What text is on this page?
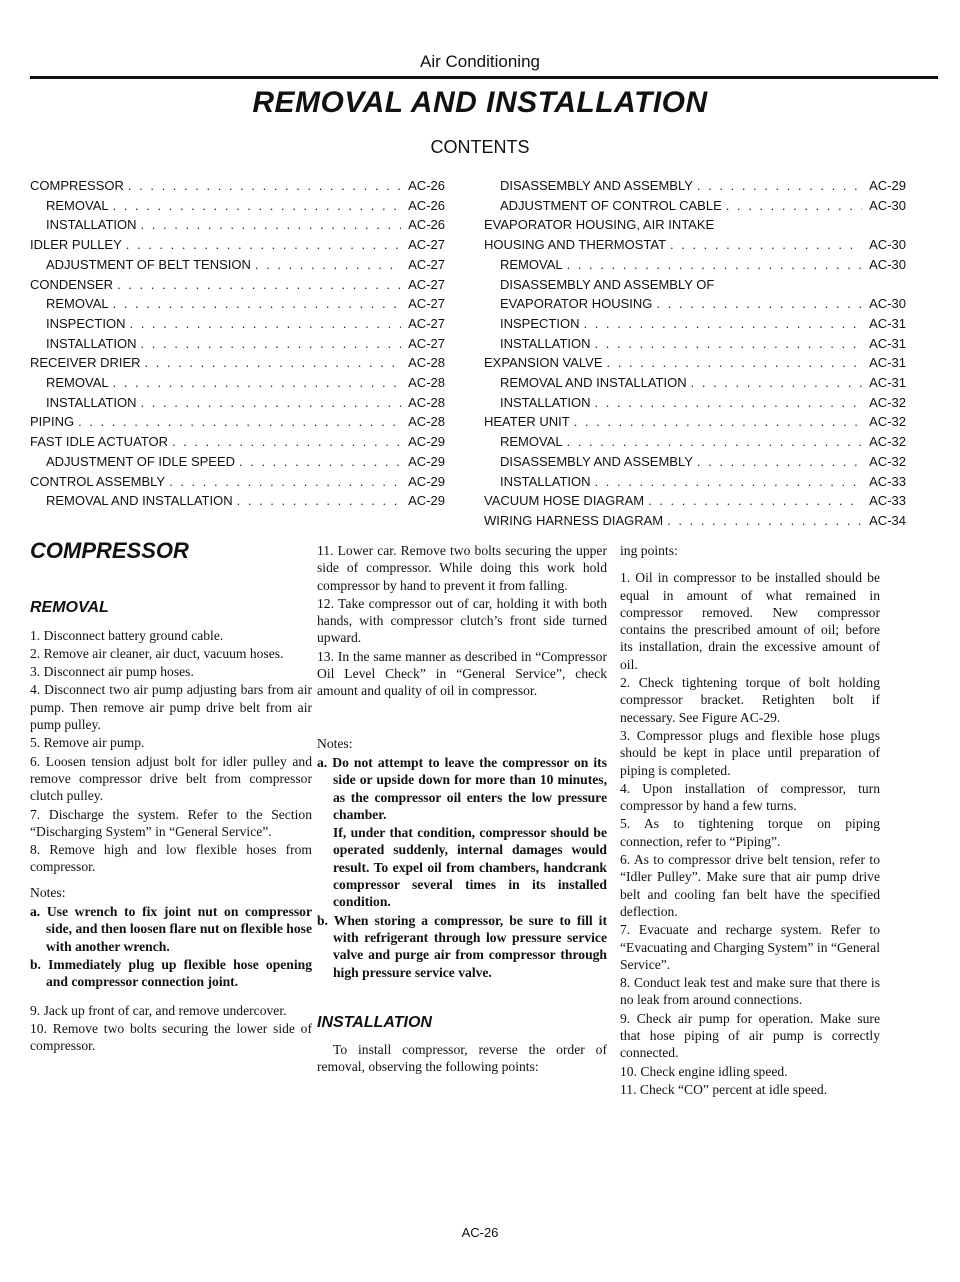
Air Conditioning
REMOVAL AND INSTALLATION
CONTENTS
COMPRESSOR . . .	AC-26
REMOVAL . . .	AC-26
INSTALLATION . . .	AC-26
IDLER PULLEY . . .	AC-27
ADJUSTMENT OF BELT TENSION . . .	AC-27
CONDENSER . . .	AC-27
REMOVAL . . .	AC-27
INSPECTION . . .	AC-27
INSTALLATION . . .	AC-27
RECEIVER DRIER . . .	AC-28
REMOVAL . . .	AC-28
INSTALLATION . . .	AC-28
PIPING . . .	AC-28
FAST IDLE ACTUATOR . . .	AC-29
ADJUSTMENT OF IDLE SPEED . . .	AC-29
CONTROL ASSEMBLY . . .	AC-29
REMOVAL AND INSTALLATION . . .	AC-29
DISASSEMBLY AND ASSEMBLY . . .	AC-29
ADJUSTMENT OF CONTROL CABLE . . .	AC-30
EVAPORATOR HOUSING, AIR INTAKE
HOUSING AND THERMOSTAT . . .	AC-30
REMOVAL . . .	AC-30
DISASSEMBLY AND ASSEMBLY OF
EVAPORATOR HOUSING . . .	AC-30
INSPECTION . . .	AC-31
INSTALLATION . . .	AC-31
EXPANSION VALVE . . .	AC-31
REMOVAL AND INSTALLATION . . .	AC-31
INSTALLATION . . .	AC-32
HEATER UNIT . . .	AC-32
REMOVAL . . .	AC-32
DISASSEMBLY AND ASSEMBLY . . .	AC-32
INSTALLATION . . .	AC-33
VACUUM HOSE DIAGRAM . . .	AC-33
WIRING HARNESS DIAGRAM . . .	AC-34
COMPRESSOR
REMOVAL

1. Disconnect battery ground cable.

2. Remove air cleaner, air duct, vacuum hoses.

3. Disconnect air pump hoses.

4. Disconnect two air pump adjusting bars from air pump. Then remove air pump drive belt from air pump pulley.

5. Remove air pump.

6. Loosen tension adjust bolt for idler pulley and remove compressor drive belt from compressor clutch pulley.

7. Discharge the system. Refer to the Section “Discharging System” in “General Service”.

8. Remove high and low flexible hoses from compressor.

Notes:

a. Use wrench to fix joint nut on compressor side, and then loosen flare nut on flexible hose with another wrench.

b. Immediately plug up flexible hose opening and compressor connection joint.

9. Jack up front of car, and remove undercover.

10. Remove two bolts securing the lower side of compressor.

11. Lower car. Remove two bolts securing the upper side of compressor. While doing this work hold compressor by hand to prevent it from falling.

12. Take compressor out of car, holding it with both hands, with compressor clutch’s front side turned upward.

13. In the same manner as described in “Compressor Oil Level Check” in “General Service”, check amount and quality of oil in compressor.

Notes:

a. Do not attempt to leave the compressor on its side or upside down for more than 10 minutes, as the compressor oil enters the low pressure chamber.

If, under that condition, compressor should be operated suddenly, internal damages would result. To expel oil from chambers, handcrank compressor several times in its installed condition.

b. When storing a compressor, be sure to fill it with refrigerant through low pressure service valve and purge air from compressor through high pressure service valve.

INSTALLATION

To install compressor, reverse the order of removal, observing the following points:

ing points:

1. Oil in compressor to be installed should be equal in amount of what remained in compressor removed. New compressor contains the prescribed amount of oil; before its installation, drain the excessive amount of oil.

2. Check tightening torque of bolt holding compressor bracket. Retighten bolt if necessary. See Figure AC-29.

3. Compressor plugs and flexible hose plugs should be kept in place until preparation of piping is completed.

4. Upon installation of compressor, turn compressor by hand a few turns.

5. As to tightening torque on piping connection, refer to “Piping”.

6. As to compressor drive belt tension, refer to “Idler Pulley”. Make sure that air pump drive belt and cooling fan belt have the specified deflection.

7. Evacuate and recharge system. Refer to “Evacuating and Charging System” in “General Service”.

8. Conduct leak test and make sure that there is no leak from around connections.

9. Check air pump for operation. Make sure that hose piping of air pump is correctly connected.

10. Check engine idling speed.

11. Check “CO” percent at idle speed.

AC-26
